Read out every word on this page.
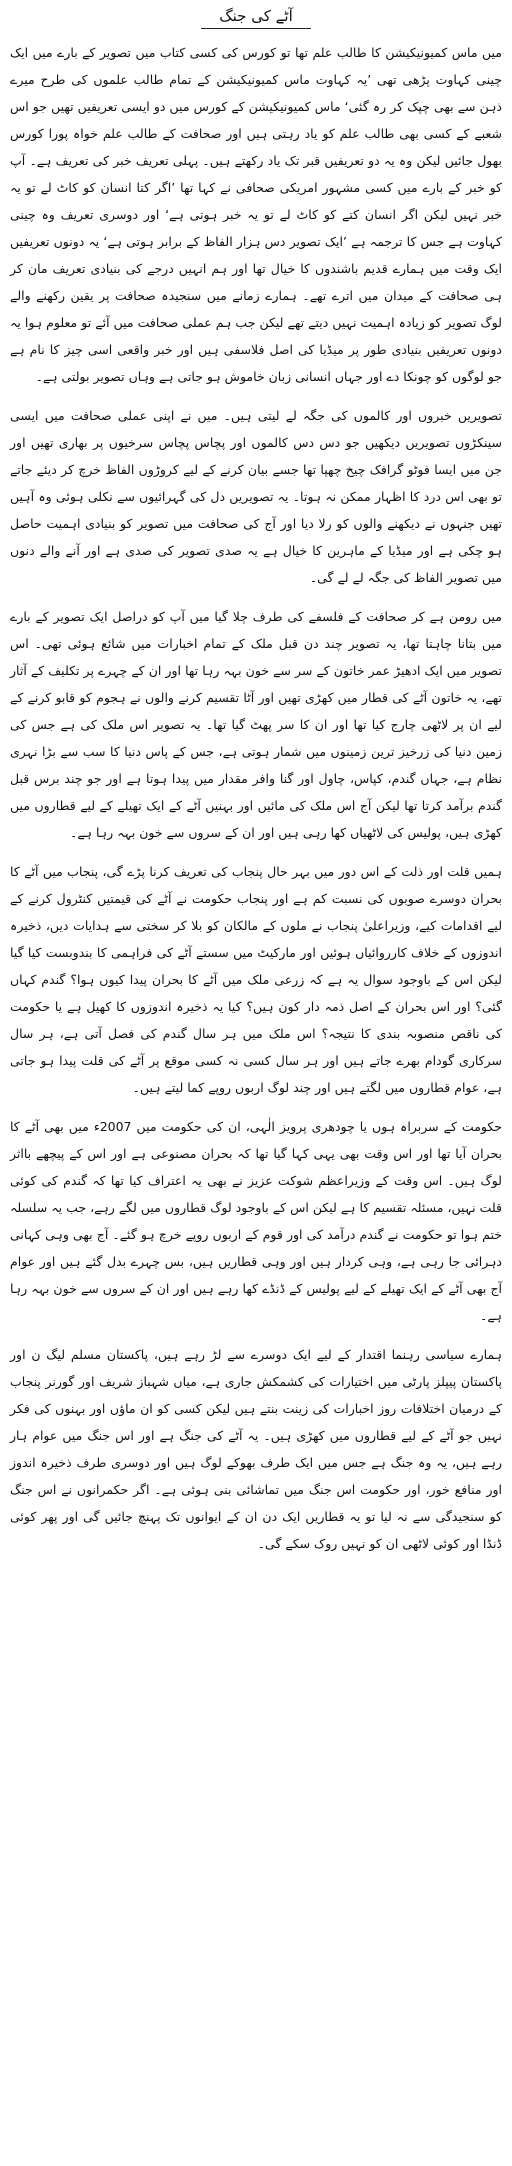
آٹے کی جنگ

میں ماس کمیونیکیشن کا طالب علم تھا تو کورس کی کسی کتاب میں تصویر کے بارے میں ایک چینی کہاوت پڑھی تھی ’یہ کہاوت ماس کمیونیکیشن کے تمام طالب علموں کی طرح میرے ذہن سے بھی چپک کر رہ گئی‘ ماس کمیونیکیشن کے کورس میں دو ایسی تعریفیں تھیں جو اس شعبے کے کسی بھی طالب علم کو یاد رہتی ہیں اور صحافت کے طالب علم خواہ پورا کورس بھول جائیں لیکن وہ یہ دو تعریفیں قبر تک یاد رکھتے ہیں۔ پہلی تعریف خبر کی تعریف ہے۔ آپ کو خبر کے بارے میں کسی مشہور امریکی صحافی نے کہا تھا ’اگر کتا انسان کو کاٹ لے تو یہ خبر نہیں لیکن اگر انسان کتے کو کاٹ لے تو یہ خبر ہوتی ہے‘ اور دوسری تعریف وہ چینی کہاوت ہے جس کا ترجمہ ہے ’ایک تصویر دس ہزار الفاظ کے برابر ہوتی ہے‘ یہ دونوں تعریفیں ایک وقت میں ہمارے قدیم باشندوں کا خیال تھا اور ہم انہیں درجے کی بنیادی تعریف مان کر ہی صحافت کے میدان میں اترے تھے۔ ہمارے زمانے میں سنجیدہ صحافت پر یقین رکھنے والے لوگ تصویر کو زیادہ اہمیت نہیں دیتے تھے لیکن جب ہم عملی صحافت میں آئے تو معلوم ہوا یہ دونوں تعریفیں بنیادی طور پر میڈیا کی اصل فلاسفی ہیں اور خبر واقعی اسی چیز کا نام ہے جو لوگوں کو چونکا دے اور جہاں انسانی زبان خاموش ہو جاتی ہے وہاں تصویر بولتی ہے۔

تصویریں خبروں اور کالموں کی جگہ لے لیتی ہیں۔ میں نے اپنی عملی صحافت میں ایسی سینکڑوں تصویریں دیکھیں جو دس دس کالموں اور پچاس پچاس سرخیوں پر بھاری تھیں اور جن میں ایسا فوٹو گرافک چیخ چھپا تھا جسے بیان کرنے کے لیے کروڑوں الفاظ خرچ کر دیئے جاتے تو بھی اس درد کا اظہار ممکن نہ ہوتا۔ یہ تصویریں دل کی گہرائیوں سے نکلی ہوئی وہ آہیں تھیں جنہوں نے دیکھنے والوں کو رلا دیا اور آج کی صحافت میں تصویر کو بنیادی اہمیت حاصل ہو چکی ہے اور میڈیا کے ماہرین کا خیال ہے یہ صدی تصویر کی صدی ہے اور آنے والے دنوں میں تصویر الفاظ کی جگہ لے لے گی۔

میں رومن ہے کر صحافت کے فلسفے کی طرف چلا گیا میں آپ کو دراصل ایک تصویر کے بارے میں بتانا چاہتا تھا، یہ تصویر چند دن قبل ملک کے تمام اخبارات میں شائع ہوئی تھی۔ اس تصویر میں ایک ادھیڑ عمر خاتون کے سر سے خون بہہ رہا تھا اور ان کے چہرے پر تکلیف کے آثار تھے، یہ خاتون آٹے کی قطار میں کھڑی تھیں اور آٹا تقسیم کرنے والوں نے ہجوم کو قابو کرنے کے لیے ان پر لاٹھی چارج کیا تھا اور ان کا سر پھٹ گیا تھا۔ یہ تصویر اس ملک کی ہے جس کی زمین دنیا کی زرخیز ترین زمینوں میں شمار ہوتی ہے، جس کے پاس دنیا کا سب سے بڑا نہری نظام ہے، جہاں گندم، کپاس، چاول اور گنا وافر مقدار میں پیدا ہوتا ہے اور جو چند برس قبل گندم برآمد کرتا تھا لیکن آج اس ملک کی مائیں اور بہنیں آٹے کے ایک تھیلے کے لیے قطاروں میں کھڑی ہیں، پولیس کی لاٹھیاں کھا رہی ہیں اور ان کے سروں سے خون بہہ رہا ہے۔

ہمیں قلت اور ذلت کے اس دور میں بہر حال پنجاب کی تعریف کرنا پڑے گی، پنجاب میں آٹے کا بحران دوسرے صوبوں کی نسبت کم ہے اور پنجاب حکومت نے آٹے کی قیمتیں کنٹرول کرنے کے لیے اقدامات کیے، وزیراعلیٰ پنجاب نے ملوں کے مالکان کو بلا کر سختی سے ہدایات دیں، ذخیرہ اندوزوں کے خلاف کارروائیاں ہوئیں اور مارکیٹ میں سستے آٹے کی فراہمی کا بندوبست کیا گیا لیکن اس کے باوجود سوال یہ ہے کہ زرعی ملک میں آٹے کا بحران پیدا کیوں ہوا؟ گندم کہاں گئی؟ اور اس بحران کے اصل ذمہ دار کون ہیں؟ کیا یہ ذخیرہ اندوزوں کا کھیل ہے یا حکومت کی ناقص منصوبہ بندی کا نتیجہ؟ اس ملک میں ہر سال گندم کی فصل آتی ہے، ہر سال سرکاری گودام بھرے جاتے ہیں اور ہر سال کسی نہ کسی موقع پر آٹے کی قلت پیدا ہو جاتی ہے، عوام قطاروں میں لگتے ہیں اور چند لوگ اربوں روپے کما لیتے ہیں۔

حکومت کے سربراہ ہوں یا چودھری پرویز الٰہی، ان کی حکومت میں 2007ء میں بھی آٹے کا بحران آیا تھا اور اس وقت بھی یہی کہا گیا تھا کہ بحران مصنوعی ہے اور اس کے پیچھے بااثر لوگ ہیں۔ اس وقت کے وزیراعظم شوکت عزیز نے بھی یہ اعتراف کیا تھا کہ گندم کی کوئی قلت نہیں، مسئلہ تقسیم کا ہے لیکن اس کے باوجود لوگ قطاروں میں لگے رہے، جب یہ سلسلہ ختم ہوا تو حکومت نے گندم درآمد کی اور قوم کے اربوں روپے خرچ ہو گئے۔ آج بھی وہی کہانی دہرائی جا رہی ہے، وہی کردار ہیں اور وہی قطاریں ہیں، بس چہرے بدل گئے ہیں اور عوام آج بھی آٹے کے ایک تھیلے کے لیے پولیس کے ڈنڈے کھا رہے ہیں اور ان کے سروں سے خون بہہ رہا ہے۔

ہمارے سیاسی رہنما اقتدار کے لیے ایک دوسرے سے لڑ رہے ہیں، پاکستان مسلم لیگ ن اور پاکستان پیپلز پارٹی میں اختیارات کی کشمکش جاری ہے، میاں شہباز شریف اور گورنر پنجاب کے درمیان اختلافات روز اخبارات کی زینت بنتے ہیں لیکن کسی کو ان ماؤں اور بہنوں کی فکر نہیں جو آٹے کے لیے قطاروں میں کھڑی ہیں۔ یہ آٹے کی جنگ ہے اور اس جنگ میں عوام ہار رہے ہیں، یہ وہ جنگ ہے جس میں ایک طرف بھوکے لوگ ہیں اور دوسری طرف ذخیرہ اندوز اور منافع خور، اور حکومت اس جنگ میں تماشائی بنی ہوئی ہے۔ اگر حکمرانوں نے اس جنگ کو سنجیدگی سے نہ لیا تو یہ قطاریں ایک دن ان کے ایوانوں تک پہنچ جائیں گی اور پھر کوئی ڈنڈا اور کوئی لاٹھی ان کو نہیں روک سکے گی۔
